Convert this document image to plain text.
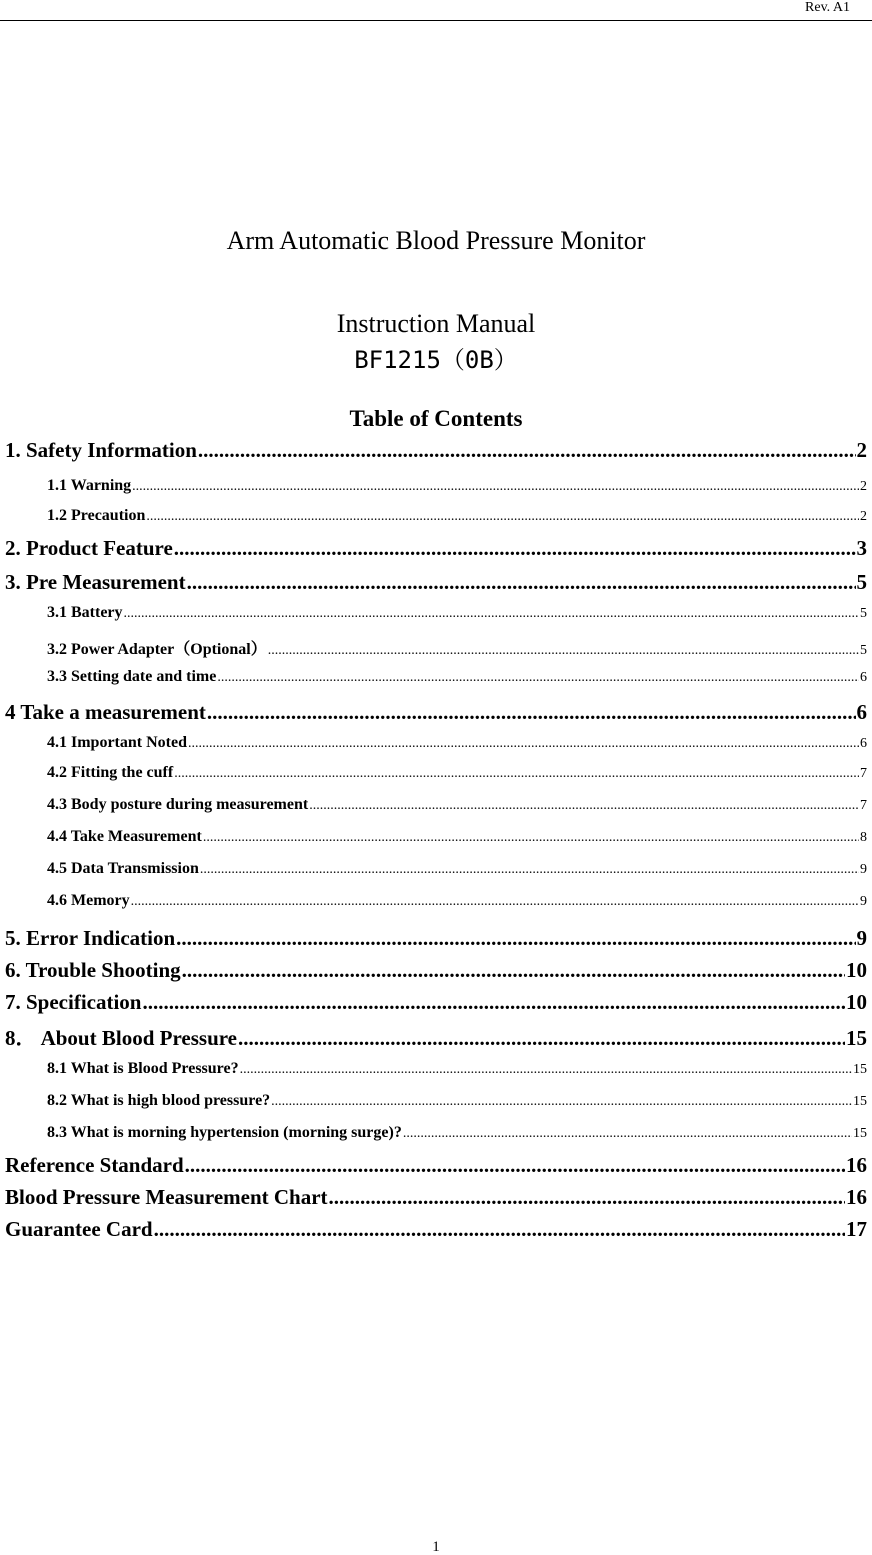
Rev. A1
Arm Automatic Blood Pressure Monitor
Instruction Manual
BF1215（0B）
Table of Contents
1. Safety Information .....	2
1.1 Warning .....	2
1.2 Precaution .....	2
2. Product Feature .....	3
3. Pre Measurement .....	5
3.1 Battery .....	5
3.2 Power Adapter（Optional） .....	5
3.3 Setting date and time .....	6
4 Take a measurement .....	6
4.1 Important Noted .....	6
4.2 Fitting the cuff .....	7
4.3 Body posture during measurement .....	7
4.4 Take Measurement .....	8
4.5 Data Transmission .....	9
4.6 Memory .....	9
5. Error Indication .....	9
6. Trouble Shooting .....	10
7. Specification .....	10
8． About Blood Pressure .....	15
8.1 What is Blood Pressure? .....	15
8.2 What is high blood pressure? .....	15
8.3 What is morning hypertension (morning surge)? .....	15
Reference Standard .....	16
Blood Pressure Measurement Chart .....	16
Guarantee Card .....	17
1
